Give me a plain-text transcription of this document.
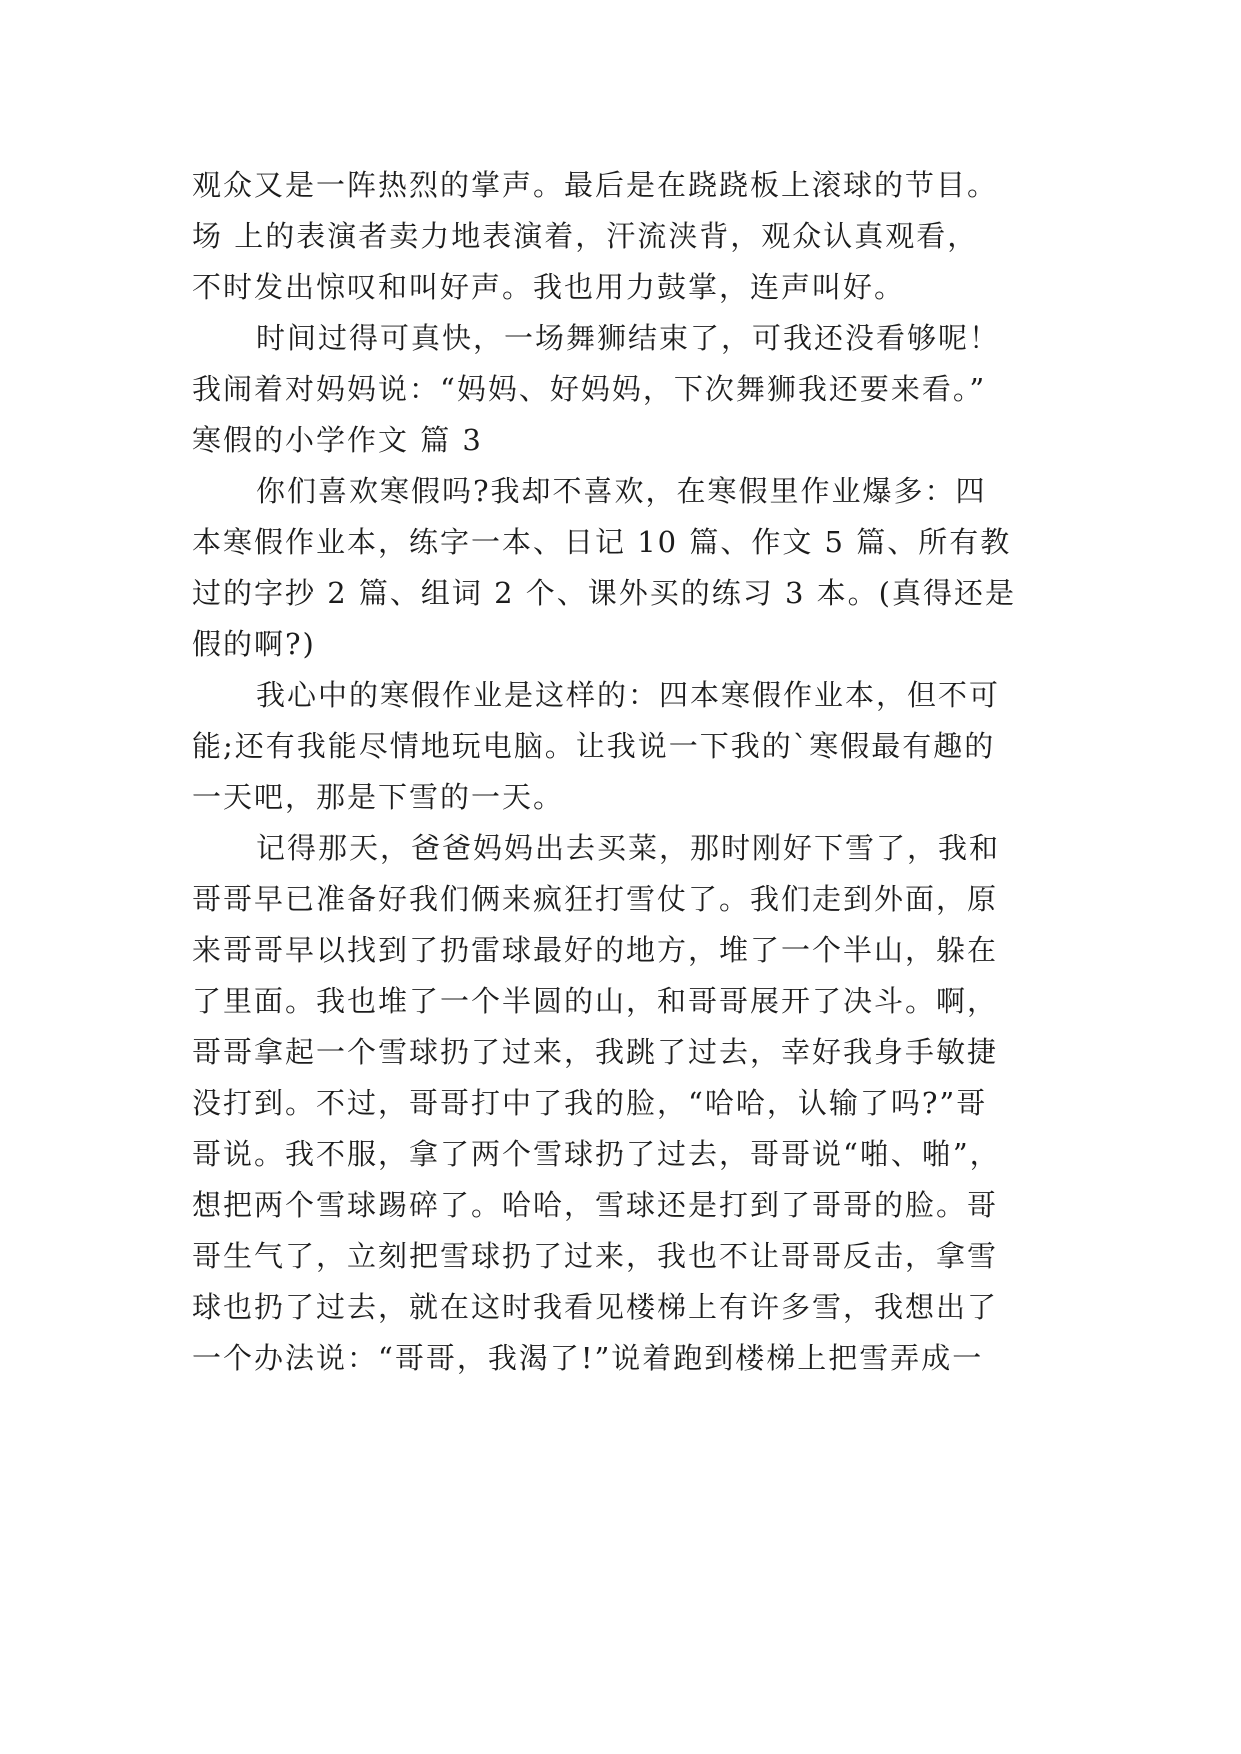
观众又是一阵热烈的掌声。最后是在跷跷板上滚球的节目。
场 上的表演者卖力地表演着，汗流浃背，观众认真观看，
不时发出惊叹和叫好声。我也用力鼓掌，连声叫好。
时间过得可真快，一场舞狮结束了，可我还没看够呢！
我闹着对妈妈说：“妈妈、好妈妈，下次舞狮我还要来看。”
寒假的小学作文 篇 3
你们喜欢寒假吗?我却不喜欢，在寒假里作业爆多：四
本寒假作业本，练字一本、日记 10 篇、作文 5 篇、所有教
过的字抄 2 篇、组词 2 个、课外买的练习 3 本。(真得还是
假的啊?)
我心中的寒假作业是这样的：四本寒假作业本，但不可
能;还有我能尽情地玩电脑。让我说一下我的`寒假最有趣的
一天吧，那是下雪的一天。
记得那天，爸爸妈妈出去买菜，那时刚好下雪了，我和
哥哥早已准备好我们俩来疯狂打雪仗了。我们走到外面，原
来哥哥早以找到了扔雷球最好的地方，堆了一个半山，躲在
了里面。我也堆了一个半圆的山，和哥哥展开了决斗。啊，
哥哥拿起一个雪球扔了过来，我跳了过去，幸好我身手敏捷
没打到。不过，哥哥打中了我的脸，“哈哈，认输了吗?”哥
哥说。我不服，拿了两个雪球扔了过去，哥哥说“啪、啪”，
想把两个雪球踢碎了。哈哈，雪球还是打到了哥哥的脸。哥
哥生气了，立刻把雪球扔了过来，我也不让哥哥反击，拿雪
球也扔了过去，就在这时我看见楼梯上有许多雪，我想出了
一个办法说：“哥哥，我渴了!”说着跑到楼梯上把雪弄成一
